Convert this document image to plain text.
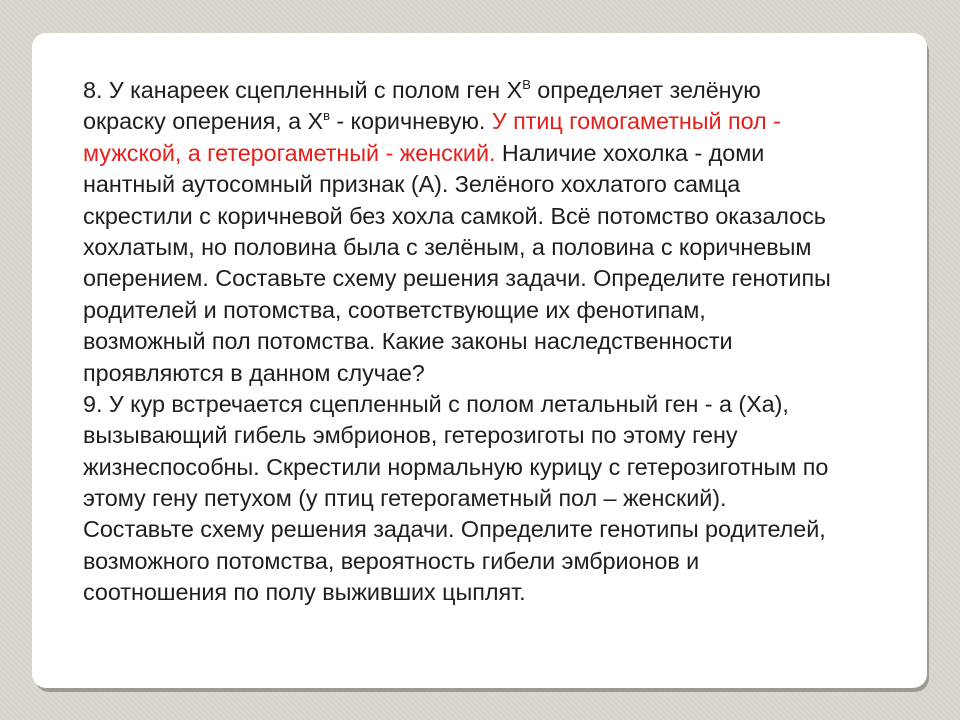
8. У канареек сцепленный с полом ген $Х^В$ определяет зелёную
окраску оперения, а $Х^в$ - коричневую. У птиц гомогаметный пол -
мужской, а гетерогаметный - женский. Наличие хохолка - доми
нантный аутосомный признак (А). Зелёного хохлатого самца
скрестили с коричневой без хохла самкой. Всё потомство оказалось
хохлатым, но половина была с зелёным, а половина с коричневым
оперением. Составьте схему решения задачи. Определите генотипы
родителей и потомства, соответствующие их фенотипам,
возможный пол потомства. Какие законы наследственности
проявляются в данном случае?
9. У кур встречается сцепленный с полом летальный ген - а (Ха),
вызывающий гибель эмбрионов, гетерозиготы по этому гену
жизнеспособны. Скрестили нормальную курицу с гетерозиготным по
этому гену петухом (у птиц гетерогаметный пол – женский).
Составьте схему решения задачи. Определите генотипы родителей,
возможного потомства, вероятность гибели эмбрионов и
соотношения по полу выживших цыплят.
